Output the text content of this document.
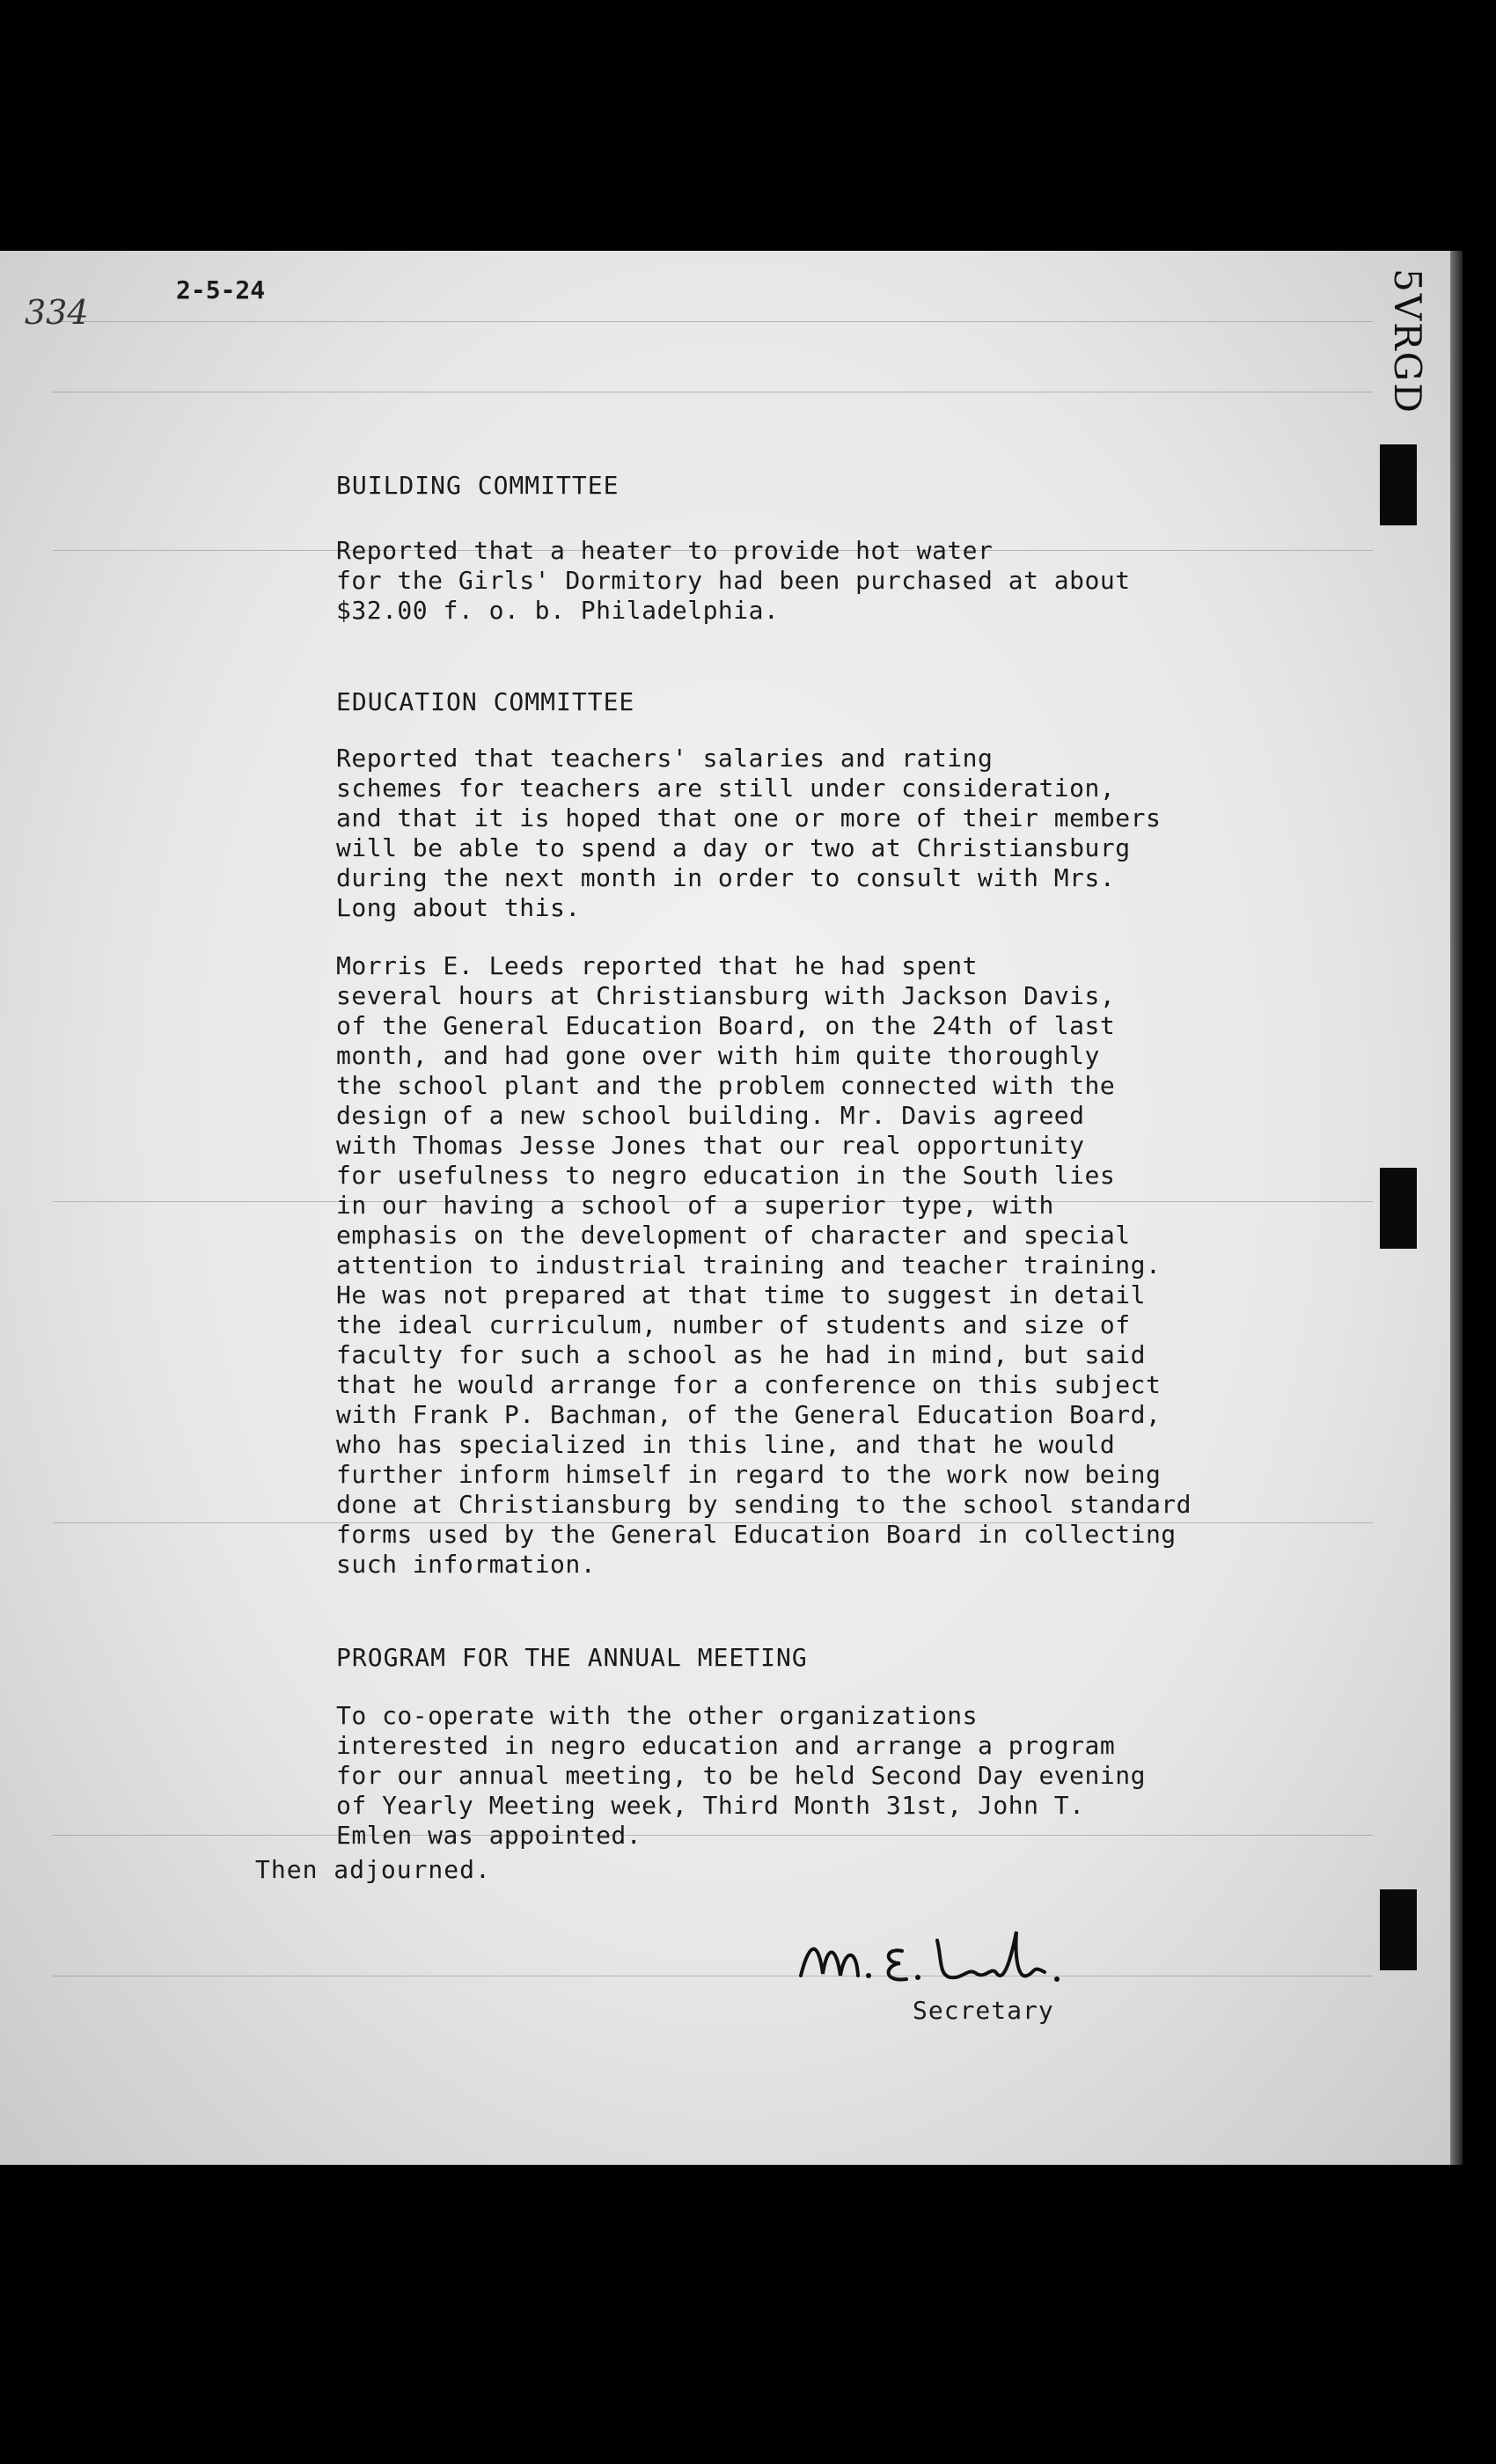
334
2-5-24	5VRGD
BUILDING COMMITTEE

Reported that a heater to provide hot water
for the Girls' Dormitory had been purchased at about
$32.00 f. o. b. Philadelphia.

EDUCATION COMMITTEE

Reported that teachers' salaries and rating
schemes for teachers are still under consideration,
and that it is hoped that one or more of their members
will be able to spend a day or two at Christiansburg
during the next month in order to consult with Mrs.
Long about this.

Morris E. Leeds reported that he had spent
several hours at Christiansburg with Jackson Davis,
of the General Education Board, on the 24th of last
month, and had gone over with him quite thoroughly
the school plant and the problem connected with the
design of a new school building. Mr. Davis agreed
with Thomas Jesse Jones that our real opportunity
for usefulness to negro education in the South lies
in our having a school of a superior type, with
emphasis on the development of character and special
attention to industrial training and teacher training.
He was not prepared at that time to suggest in detail
the ideal curriculum, number of students and size of
faculty for such a school as he had in mind, but said
that he would arrange for a conference on this subject
with Frank P. Bachman, of the General Education Board,
who has specialized in this line, and that he would
further inform himself in regard to the work now being
done at Christiansburg by sending to the school standard
forms used by the General Education Board in collecting
such information.

PROGRAM FOR THE ANNUAL MEETING

To co-operate with the other organizations
interested in negro education and arrange a program
for our annual meeting, to be held Second Day evening
of Yearly Meeting week, Third Month 31st, John T.
Emlen was appointed.

Then adjourned.
Secretary
